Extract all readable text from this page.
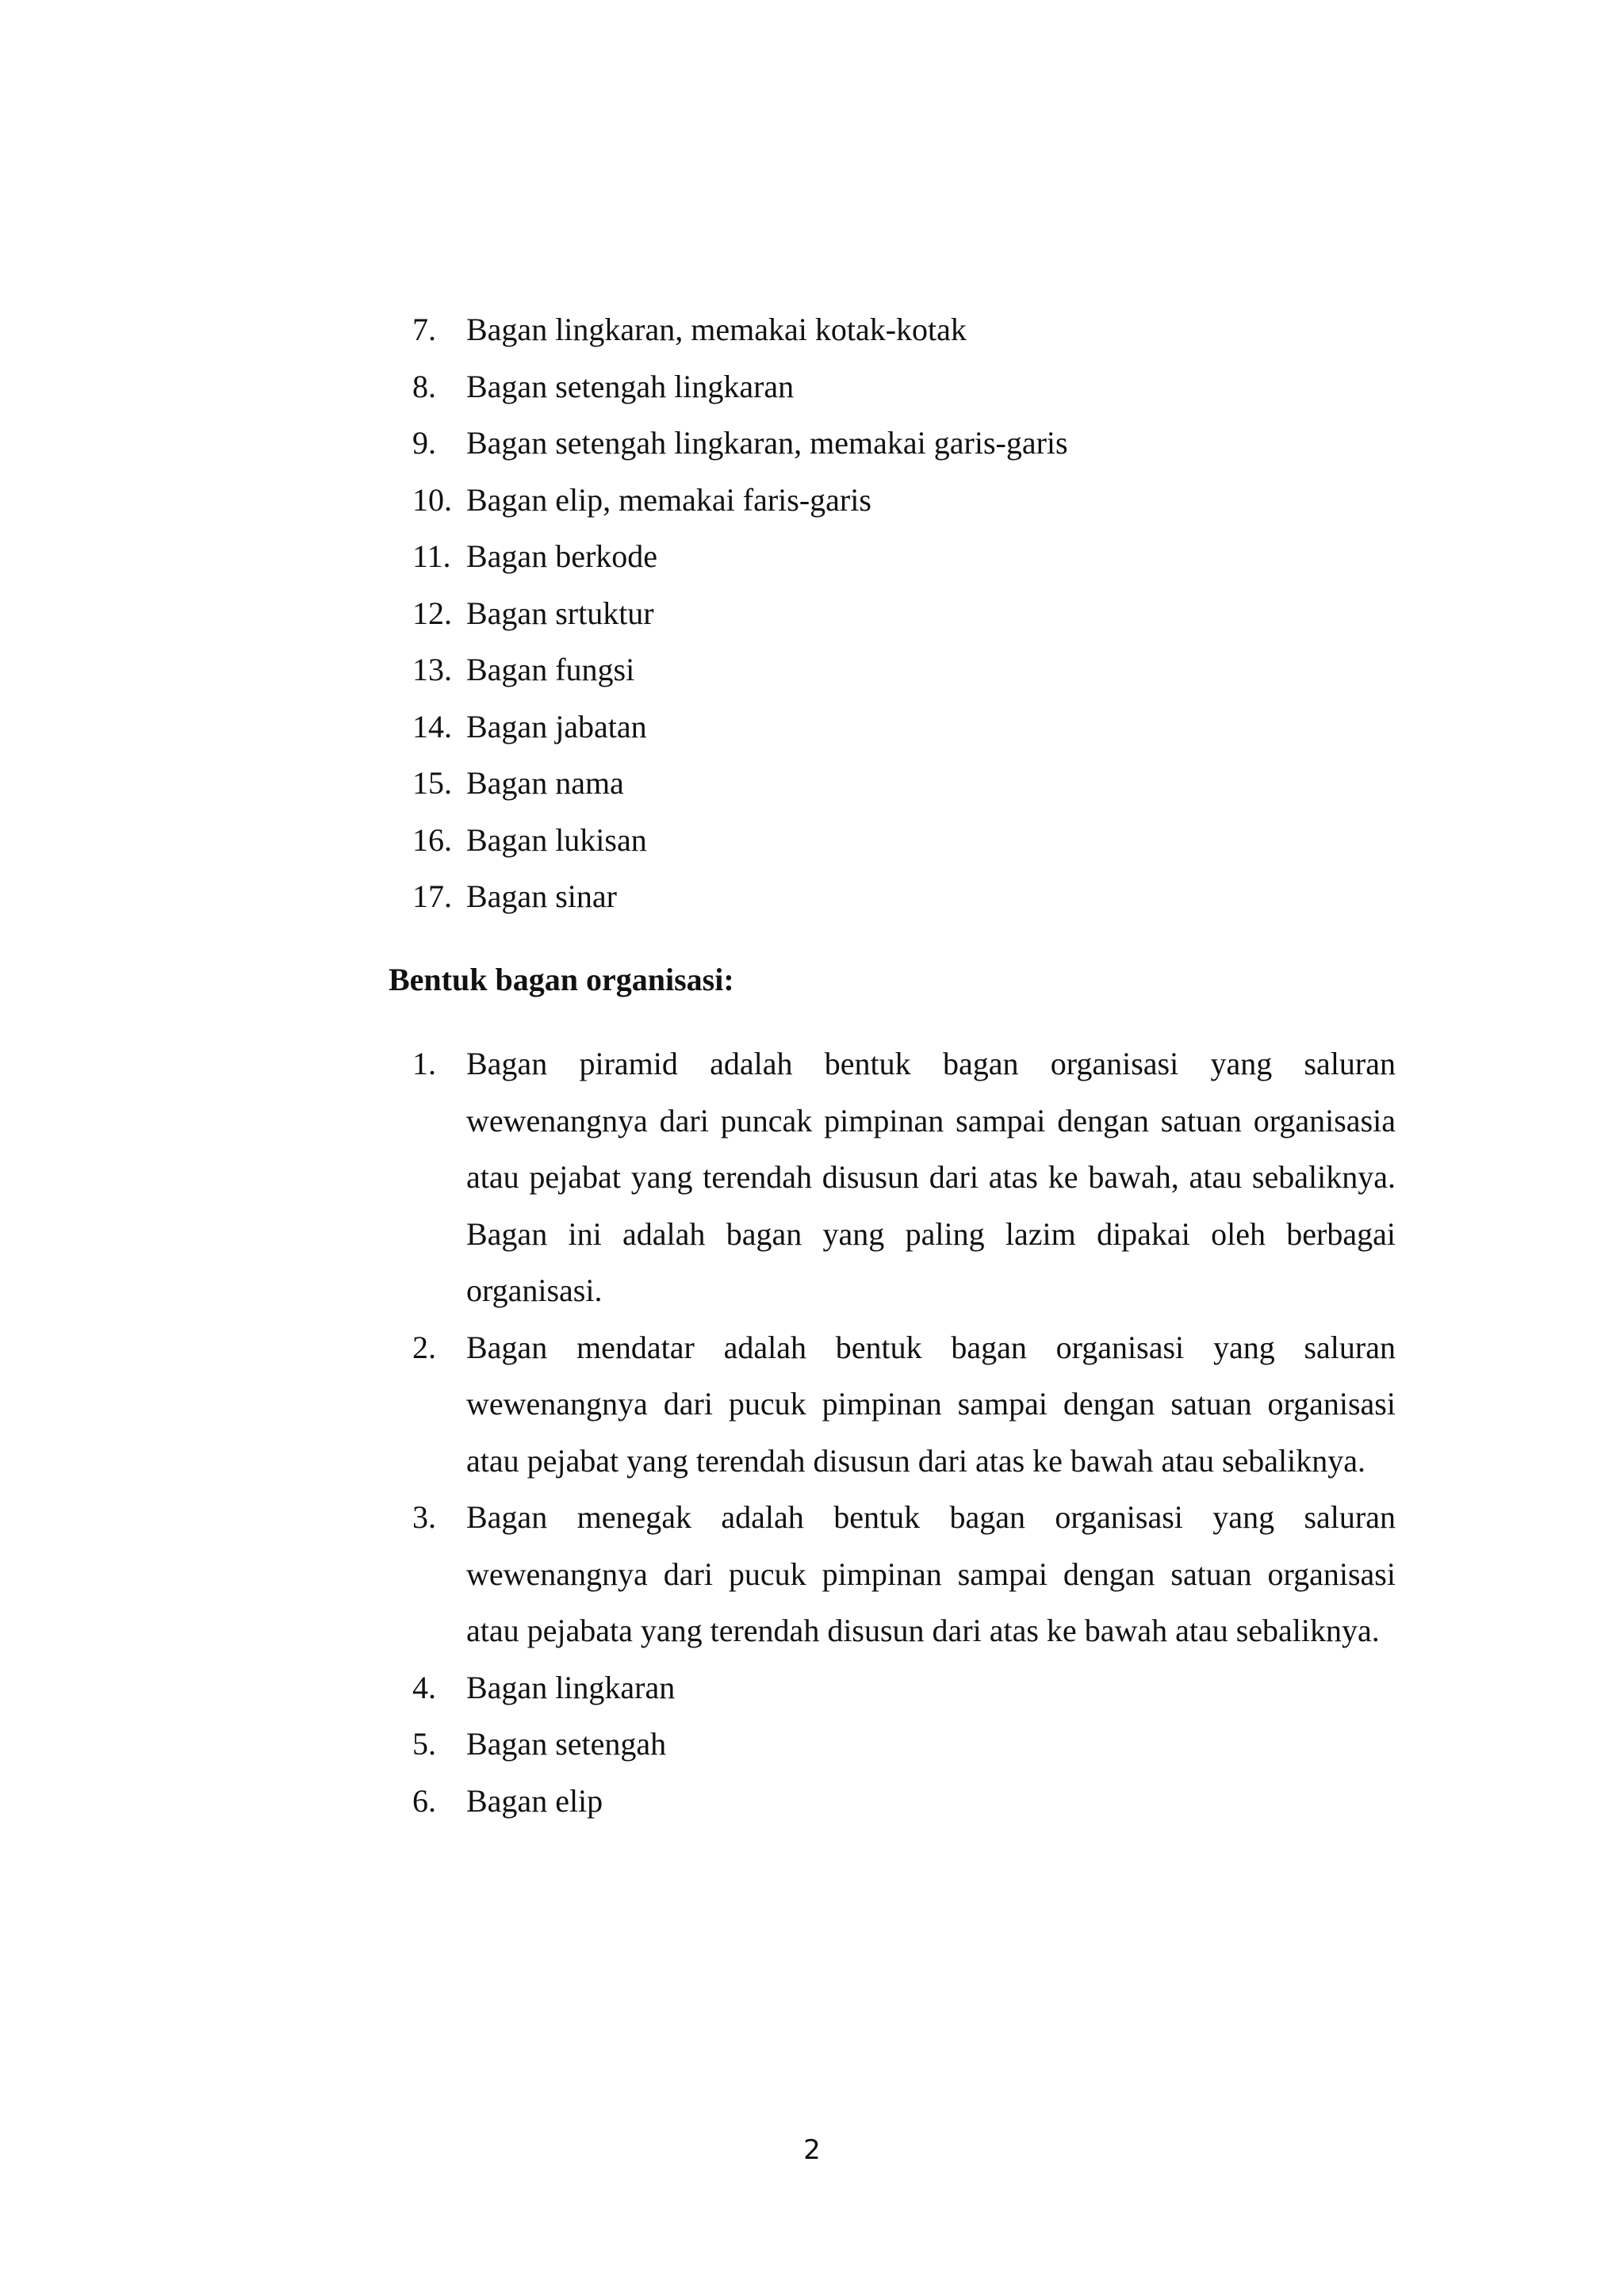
7. Bagan lingkaran, memakai kotak-kotak
8. Bagan setengah lingkaran
9. Bagan setengah lingkaran, memakai garis-garis
10. Bagan elip, memakai faris-garis
11. Bagan berkode
12. Bagan srtuktur
13. Bagan fungsi
14. Bagan jabatan
15. Bagan nama
16. Bagan lukisan
17. Bagan sinar
Bentuk bagan organisasi:
1. Bagan piramid adalah bentuk bagan organisasi yang saluran wewenangnya dari puncak pimpinan sampai dengan satuan organisasia atau pejabat yang terendah disusun dari atas ke bawah, atau sebaliknya. Bagan ini adalah bagan yang paling lazim dipakai oleh berbagai organisasi.
2. Bagan mendatar adalah bentuk bagan organisasi yang saluran wewenangnya dari pucuk pimpinan sampai dengan satuan organisasi atau pejabat yang terendah disusun dari atas ke bawah atau sebaliknya.
3. Bagan menegak adalah bentuk bagan organisasi yang saluran wewenangnya dari pucuk pimpinan sampai dengan satuan organisasi atau pejabata yang terendah disusun dari atas ke bawah atau sebaliknya.
4. Bagan lingkaran
5. Bagan setengah
6. Bagan elip
2
